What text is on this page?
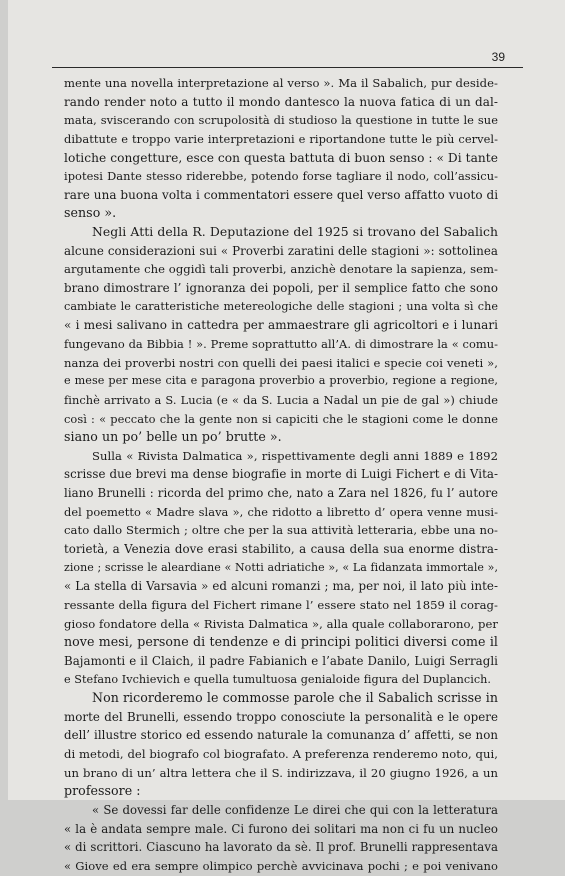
39
mente una novella interpretazione al verso ». Ma il Sabalich, pur deside-
rando render noto a tutto il mondo dantesco la nuova fatica di un dal-
mata, sviscerando con scrupolosità di studioso la questione in tutte le sue
dibattute e troppo varie interpretazioni e riportandone tutte le più cervel-
lotiche congetture, esce con questa battuta di buon senso : « Di tante
ipotesi Dante stesso riderebbe, potendo forse tagliare il nodo, coll’assicu-
rare una buona volta i commentatori essere quel verso affatto vuoto di
senso ».
Negli Atti della R. Deputazione del 1925 si trovano del Sabalich
alcune considerazioni sui « Proverbi zaratini delle stagioni »: sottolinea
argutamente che oggidì tali proverbi, anzichè denotare la sapienza, sem-
brano dimostrare l’ ignoranza dei popoli, per il semplice fatto che sono
cambiate le caratteristiche metereologiche delle stagioni ; una volta sì che
« i mesi salivano in cattedra per ammaestrare gli agricoltori e i lunari
fungevano da Bibbia ! ». Preme soprattutto all’A. di dimostrare la « comu-
nanza dei proverbi nostri con quelli dei paesi italici e specie coi veneti »,
e mese per mese cita e paragona proverbio a proverbio, regione a regione,
finchè arrivato a S. Lucia (e « da S. Lucia a Nadal un pie de gal ») chiude
così : « peccato che la gente non si capiciti che le stagioni come le donne
siano un po’ belle un po’ brutte ».
Sulla « Rivista Dalmatica », rispettivamente degli anni 1889 e 1892
scrisse due brevi ma dense biografie in morte di Luigi Fichert e di Vita-
liano Brunelli : ricorda del primo che, nato a Zara nel 1826, fu l’ autore
del poemetto « Madre slava », che ridotto a libretto d’ opera venne musi-
cato dallo Stermich ; oltre che per la sua attività letteraria, ebbe una no-
torietà, a Venezia dove erasi stabilito, a causa della sua enorme distra-
zione ; scrisse le aleardiane « Notti adriatiche », « La fidanzata immortale »,
« La stella di Varsavia » ed alcuni romanzi ; ma, per noi, il lato più inte-
ressante della figura del Fichert rimane l’ essere stato nel 1859 il corag-
gioso fondatore della « Rivista Dalmatica », alla quale collaborarono, per
nove mesi, persone di tendenze e di principi politici diversi come il
Bajamonti e il Claich, il padre Fabianich e l’abate Danilo, Luigi Serragli
e Stefano Ivchievich e quella tumultuosa genialoide figura del Duplancich.
Non ricorderemo le commosse parole che il Sabalich scrisse in
morte del Brunelli, essendo troppo conosciute la personalità e le opere
dell’ illustre storico ed essendo naturale la comunanza d’ affetti, se non
di metodi, del biografo col biografato. A preferenza renderemo noto, qui,
un brano di un’ altra lettera che il S. indirizzava, il 20 giugno 1926, a un
professore :
« Se dovessi far delle confidenze Le direi che qui con la letteratura
« la è andata sempre male. Ci furono dei solitari ma non ci fu un nucleo
« di scrittori. Ciascuno ha lavorato da sè. Il prof. Brunelli rappresentava
« Giove ed era sempre olimpico perchè avvicinava pochi ; e poi venivano
